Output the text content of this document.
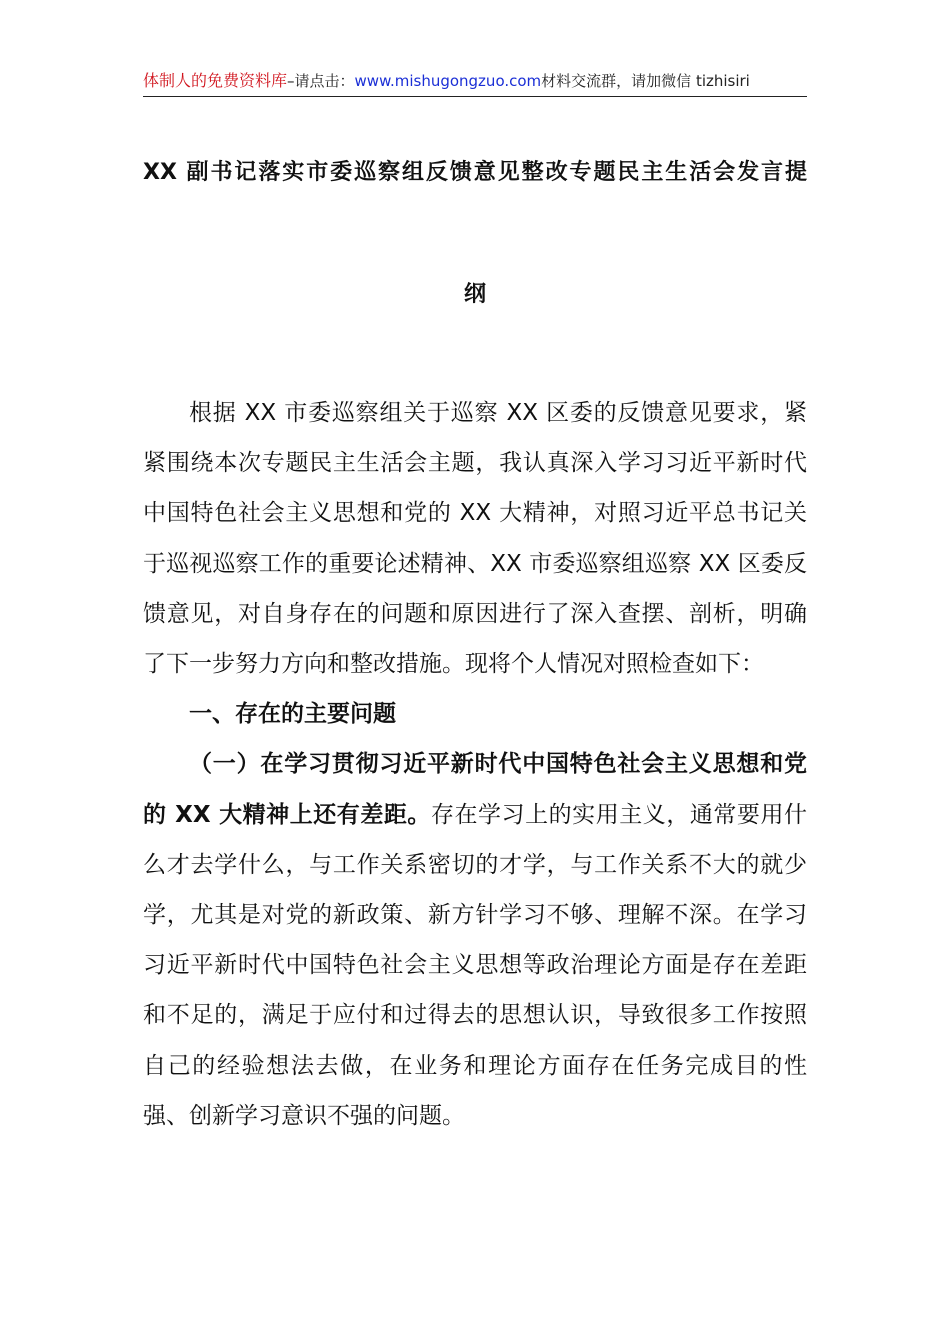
体制人的免费资料库–请点击：www.mishugongzuo.com材料交流群，请加微信 tizhisiri
XX 副书记落实市委巡察组反馈意见整改专题民主生活会发言提
纲

根据 XX 市委巡察组关于巡察 XX 区委的反馈意见要求，紧紧围绕本次专题民主生活会主题，我认真深入学习习近平新时代中国特色社会主义思想和党的 XX 大精神，对照习近平总书记关于巡视巡察工作的重要论述精神、XX 市委巡察组巡察 XX 区委反馈意见，对自身存在的问题和原因进行了深入查摆、剖析，明确了下一步努力方向和整改措施。现将个人情况对照检查如下：

一、存在的主要问题

（一）在学习贯彻习近平新时代中国特色社会主义思想和党的 XX 大精神上还有差距。存在学习上的实用主义，通常要用什么才去学什么，与工作关系密切的才学，与工作关系不大的就少学，尤其是对党的新政策、新方针学习不够、理解不深。在学习习近平新时代中国特色社会主义思想等政治理论方面是存在差距和不足的，满足于应付和过得去的思想认识，导致很多工作按照自己的经验想法去做，在业务和理论方面存在任务完成目的性强、创新学习意识不强的问题。
